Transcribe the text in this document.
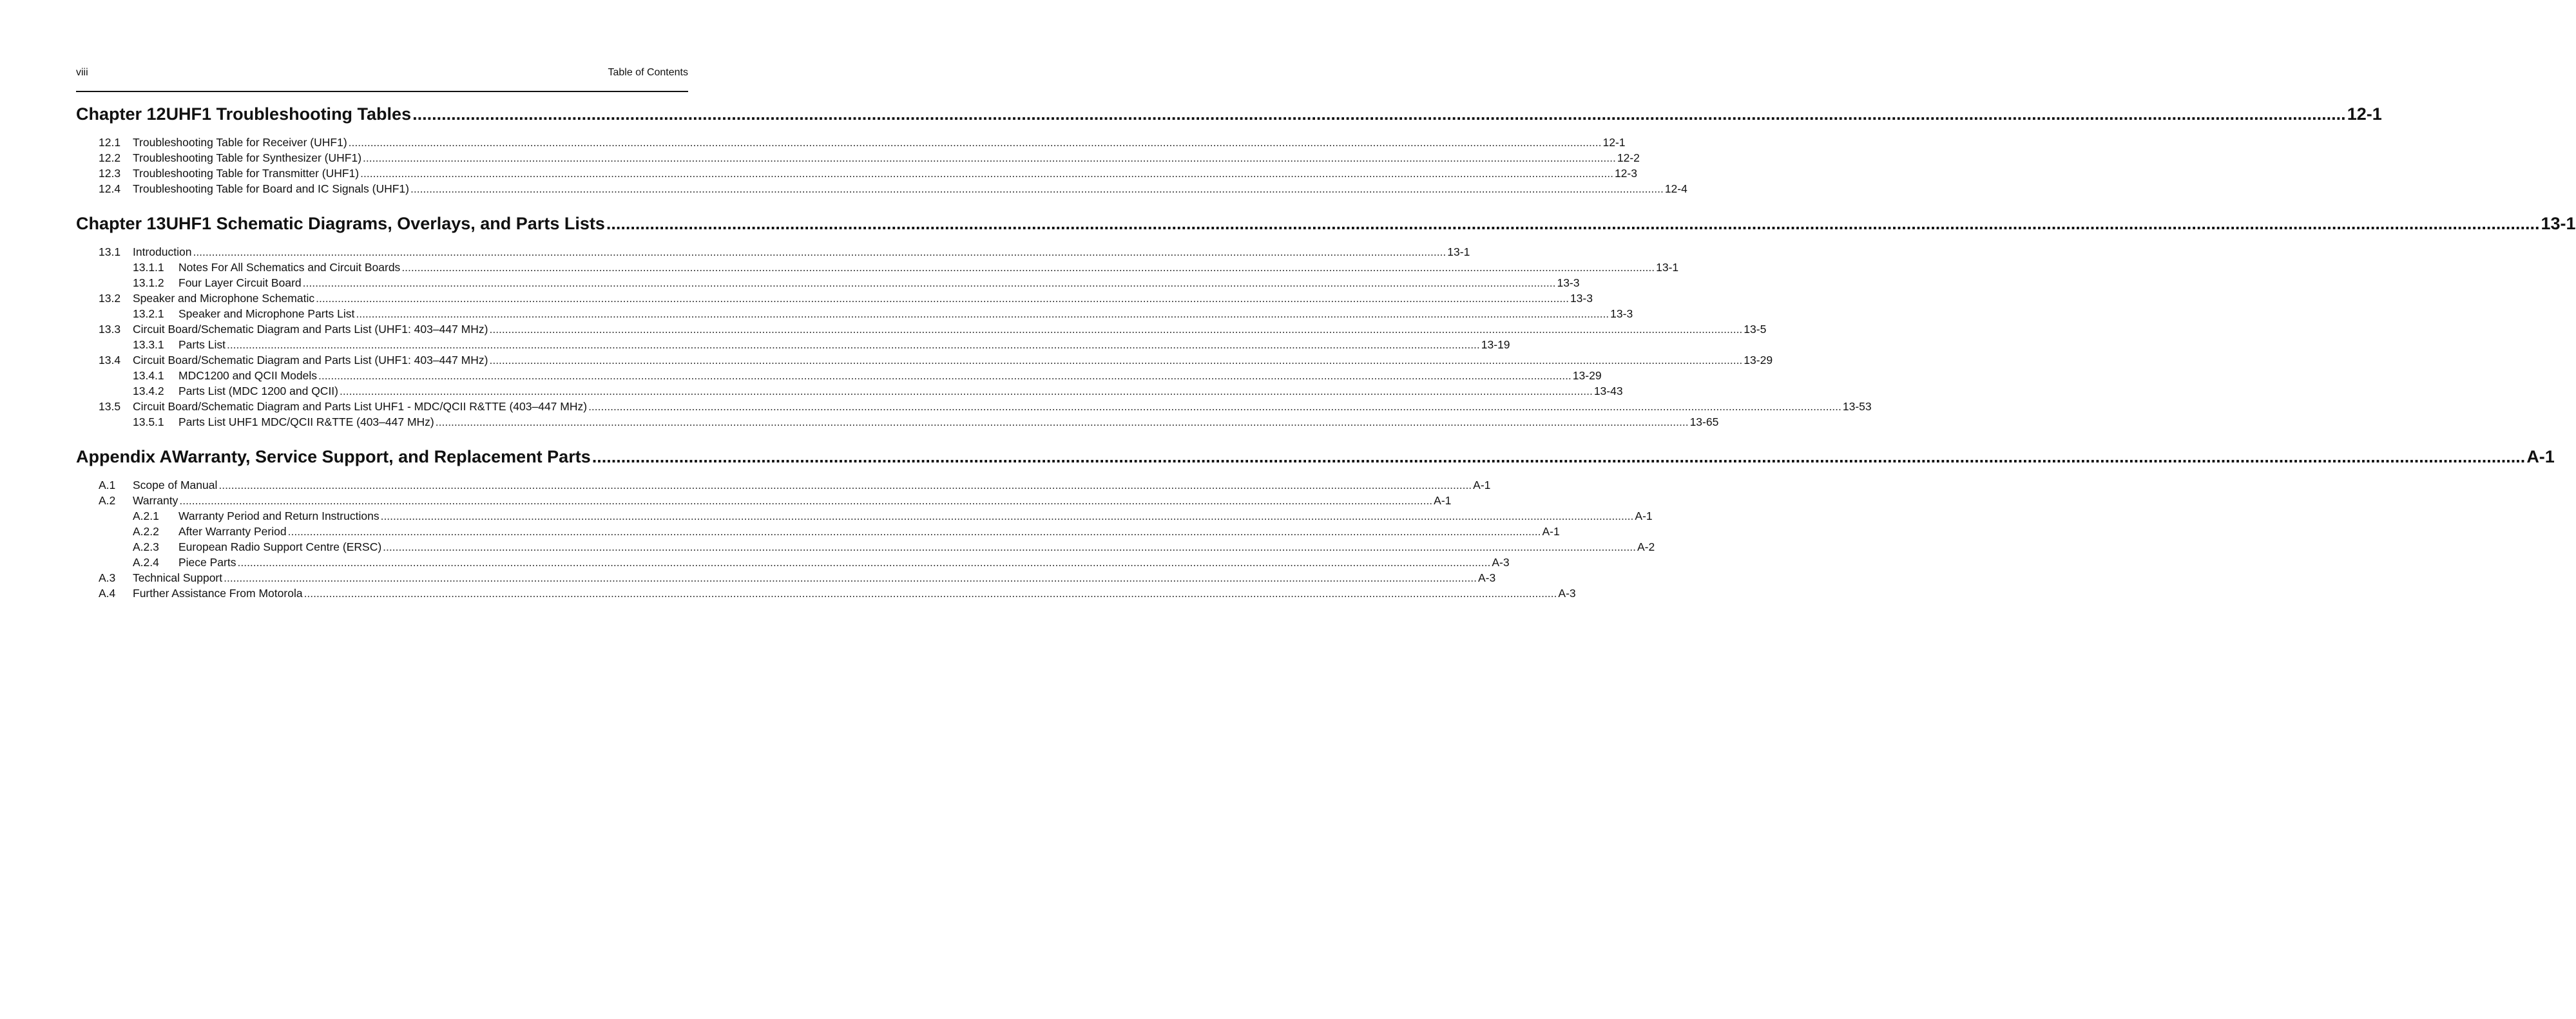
viii	Table of Contents
Chapter 12 UHF1 Troubleshooting Tables ................................................................................................................................................................................................................................................................................................................................................................................................................ 12-1
12.1	Troubleshooting Table for Receiver (UHF1) ................................................................................................................................................................................................................................................................................................................................................................................................................ 12-1
12.2	Troubleshooting Table for Synthesizer (UHF1) ................................................................................................................................................................................................................................................................................................................................................................................................................ 12-2
12.3	Troubleshooting Table for Transmitter (UHF1) ................................................................................................................................................................................................................................................................................................................................................................................................................ 12-3
12.4	Troubleshooting Table for Board and IC Signals (UHF1) ................................................................................................................................................................................................................................................................................................................................................................................................................ 12-4
Chapter 13 UHF1 Schematic Diagrams, Overlays, and Parts Lists ................................................................................................................................................................................................................................................................................................................................................................................................................ 13-1
13.1	Introduction ................................................................................................................................................................................................................................................................................................................................................................................................................ 13-1
13.1.1	Notes For All Schematics and Circuit Boards ................................................................................................................................................................................................................................................................................................................................................................................................................ 13-1
13.1.2	Four Layer Circuit Board ................................................................................................................................................................................................................................................................................................................................................................................................................ 13-3
13.2	Speaker and Microphone Schematic ................................................................................................................................................................................................................................................................................................................................................................................................................ 13-3
13.2.1	Speaker and Microphone Parts List ................................................................................................................................................................................................................................................................................................................................................................................................................ 13-3
13.3	Circuit Board/Schematic Diagram and Parts List (UHF1: 403–447 MHz) ................................................................................................................................................................................................................................................................................................................................................................................................................ 13-5
13.3.1	Parts List ................................................................................................................................................................................................................................................................................................................................................................................................................ 13-19
13.4	Circuit Board/Schematic Diagram and Parts List (UHF1: 403–447 MHz) ................................................................................................................................................................................................................................................................................................................................................................................................................ 13-29
13.4.1	MDC1200 and QCII Models ................................................................................................................................................................................................................................................................................................................................................................................................................ 13-29
13.4.2	Parts List (MDC 1200 and QCII) ................................................................................................................................................................................................................................................................................................................................................................................................................ 13-43
13.5	Circuit Board/Schematic Diagram and Parts List UHF1 - MDC/QCII R&TTE (403–447 MHz) ................................................................................................................................................................................................................................................................................................................................................................................................................ 13-53
13.5.1	Parts List UHF1 MDC/QCII R&TTE (403–447 MHz) ................................................................................................................................................................................................................................................................................................................................................................................................................ 13-65
Appendix A Warranty, Service Support, and Replacement Parts ................................................................................................................................................................................................................................................................................................................................................................................................................ A-1
A.1	Scope of Manual ................................................................................................................................................................................................................................................................................................................................................................................................................ A-1
A.2	Warranty ................................................................................................................................................................................................................................................................................................................................................................................................................ A-1
A.2.1	Warranty Period and Return Instructions ................................................................................................................................................................................................................................................................................................................................................................................................................ A-1
A.2.2	After Warranty Period ................................................................................................................................................................................................................................................................................................................................................................................................................ A-1
A.2.3	European Radio Support Centre (ERSC) ................................................................................................................................................................................................................................................................................................................................................................................................................ A-2
A.2.4	Piece Parts ................................................................................................................................................................................................................................................................................................................................................................................................................ A-3
A.3	Technical Support ................................................................................................................................................................................................................................................................................................................................................................................................................ A-3
A.4	Further Assistance From Motorola ................................................................................................................................................................................................................................................................................................................................................................................................................ A-3
